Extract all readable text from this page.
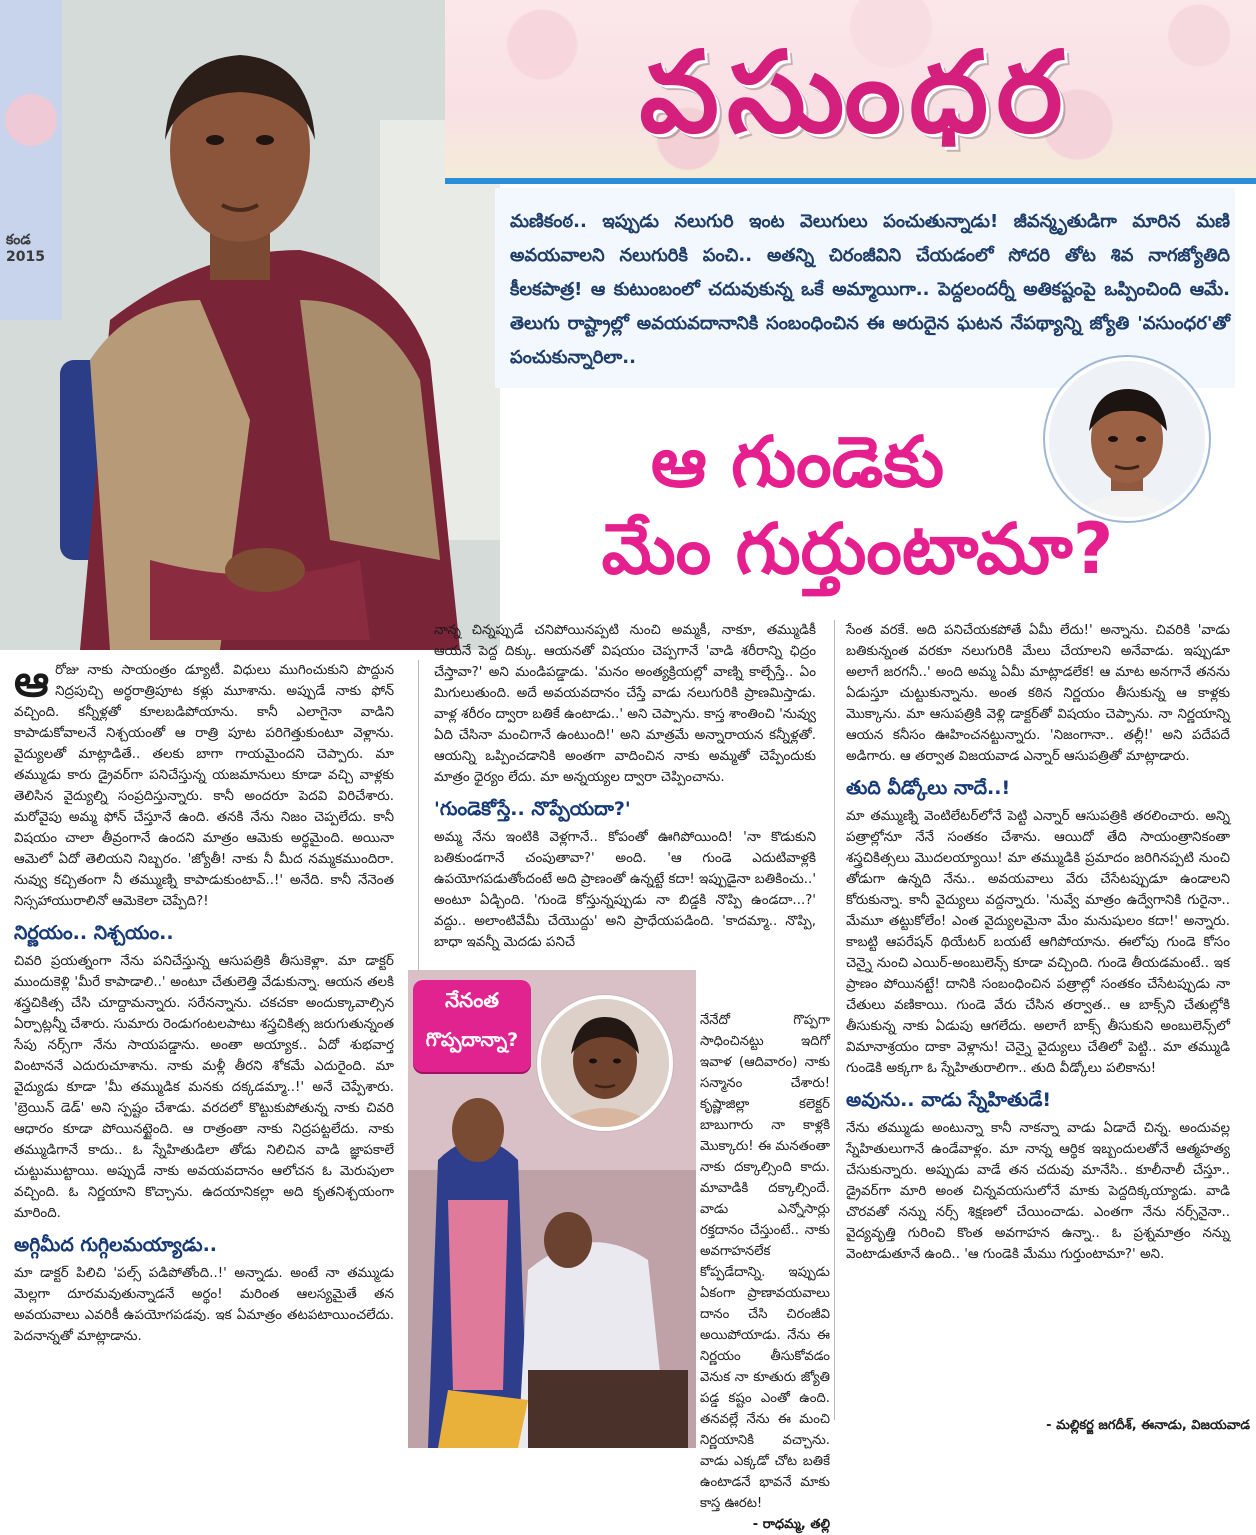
కండ
2015
వసుంధర
మణికంఠ.. ఇప్పుడు నలుగురి ఇంట వెలుగులు పంచుతున్నాడు! జీవన్మృతుడిగా మారిన మణి అవయవాలని నలుగురికి పంచి.. అతన్ని చిరంజీవిని చేయడంలో సోదరి తోట శివ నాగజ్యోతిది కీలకపాత్ర! ఆ కుటుంబంలో చదువుకున్న ఒకే అమ్మాయిగా.. పెద్దలందర్నీ అతికష్టంపై ఒప్పించింది ఆమే. తెలుగు రాష్ట్రాల్లో అవయవదానానికి సంబంధించిన ఈ అరుదైన ఘటన నేపథ్యాన్ని జ్యోతి 'వసుంధర'తో పంచుకున్నారిలా..
ఆ గుండెకు
మేం గుర్తుంటామా?

ఆరోజు నాకు సాయంత్రం డ్యూటీ. విధులు ముగించుకుని పొద్దున నిద్రపుచ్చి అర్థరాత్రిపూట కళ్లు మూశాను. అప్పుడే నాకు ఫోన్ వచ్చింది. కన్నీళ్లతో కూలబడిపోయాను. కానీ ఎలాగైనా వాడిని కాపాడుకోవాలనే నిశ్చయంతో ఆ రాత్రి పూట పరిగెత్తుకుంటూ వెళ్లాను. వైద్యులతో మాట్లాడితే.. తలకు బాగా గాయమైందని చెప్పారు. మా తమ్ముడు కారు డ్రైవర్‌గా పనిచేస్తున్న యజమానులు కూడా వచ్చి వాళ్లకు తెలిసిన వైద్యుల్ని సంప్రదిస్తున్నారు. కానీ అందరూ పెదవి విరిచేశారు. మరోవైపు అమ్మ ఫోన్ చేస్తూనే ఉంది. తనకి నేను నిజం చెప్పలేదు. కానీ విషయం చాలా తీవ్రంగానే ఉందని మాత్రం ఆమెకు అర్థమైంది. అయినా ఆమెలో ఏదో తెలియని నిబ్బరం. 'జ్యోతీ! నాకు నీ మీద నమ్మకముందిరా. నువ్వు కచ్చితంగా నీ తమ్ముణ్ని కాపాడుకుంటావ్..!' అనేది. కానీ నేనెంత నిస్సహాయురాలినో ఆమెకెలా చెప్పేది?!

నిర్ణయం.. నిశ్చయం..

చివరి ప్రయత్నంగా నేను పనిచేస్తున్న ఆసుపత్రికి తీసుకెళ్లా. మా డాక్టర్ ముందుకెళ్లి 'మీరే కాపాడాలి..' అంటూ చేతులెత్తి వేడుకున్నా. ఆయన తలకి శస్త్రచికిత్స చేసి చూద్దామన్నారు. సరేనన్నాను. చకచకా అందుక్కావాల్సిన ఏర్పాట్లన్నీ చేశారు. సుమారు రెండుగంటలపాటు శస్త్రచికిత్స జరుగుతున్నంత సేపు నర్స్‌గా నేను సాయపడ్డాను. అంతా అయ్యాక.. ఏదో శుభవార్త వింటాననే ఎదురుచూశాను. నాకు మళ్లీ తీరని శోకమే ఎదురైంది. మా వైద్యుడు కూడా 'మీ తమ్ముడిక మనకు దక్కడమ్మా..!' అనే చెప్పేశారు. 'బ్రెయిన్ డెడ్' అని స్పష్టం చేశాడు. వరదలో కొట్టుకుపోతున్న నాకు చివరి ఆధారం కూడా పోయినట్టైంది. ఆ రాత్రంతా నాకు నిద్రపట్టలేదు. నాకు తమ్ముడిగానే కాదు.. ఓ స్నేహితుడిలా తోడు నిలిచిన వాడి జ్ఞాపకాలే చుట్టుముట్టాయి. అప్పుడే నాకు అవయవదానం ఆలోచన ఓ మెరుపులా వచ్చింది. ఓ నిర్ణయాని కొచ్చాను. ఉదయానికల్లా అది కృతనిశ్చయంగా మారింది.

అగ్గిమీద గుగ్గిలమయ్యాడు..

మా డాక్టర్ పిలిచి 'పల్స్ పడిపోతోంది..!' అన్నాడు. అంటే నా తమ్ముడు మెల్లగా దూరమవుతున్నాడనే అర్థం! మరింత ఆలస్యమైతే తన అవయవాలు ఎవరికీ ఉపయోగపడవు. ఇక ఏమాత్రం తటపటాయించలేదు. పెదనాన్నతో మాట్లాడాను.

నాన్న చిన్నప్పుడే చనిపోయినప్పటి నుంచి అమ్మకీ, నాకూ, తమ్ముడికీ ఆయనే పెద్ద దిక్కు. ఆయనతో విషయం చెప్పగానే 'వాడి శరీరాన్ని ఛిద్రం చేస్తావా?' అని మండిపడ్డాడు. 'మనం అంత్యక్రియల్లో వాణ్ని కాల్చేస్తే.. ఏం మిగులుతుంది. అదే అవయవదానం చేస్తే వాడు నలుగురికి ప్రాణమిస్తాడు. వాళ్ల శరీరం ద్వారా బతికే ఉంటాడు..' అని చెప్పాను. కాస్త శాంతించి 'నువ్వు ఏది చేసినా మంచిగానే ఉంటుంది!' అని మాత్రమే అన్నారాయన కన్నీళ్లతో. ఆయన్ని ఒప్పించడానికి అంతగా వాదించిన నాకు అమ్మతో చెప్పేందుకు మాత్రం ధైర్యం లేదు. మా అన్నయ్యల ద్వారా చెప్పించాను.

'గుండెకోస్తే.. నొప్పేయదా?'

అమ్మ నేను ఇంటికి వెళ్లగానే.. కోపంతో ఊగిపోయింది! 'నా కొడుకుని బతికుండగానే చంపుతావా?' అంది. 'ఆ గుండె ఎదుటివాళ్లకి ఉపయోగపడుతోందంటే అది ప్రాణంతో ఉన్నట్టే కదా! ఇప్పుడైనా బతికించు..' అంటూ ఏడ్చింది. 'గుండె కోస్తున్నప్పుడు నా బిడ్డకి నొప్పి ఉండదా...?' వద్దు.. అలాంటివేమీ చేయొద్దు' అని ప్రాధేయపడింది. 'కాదమ్మా.. నొప్పి, బాధా ఇవన్నీ మెదడు పనిచే

నేనంత
గొప్పదాన్నా?

నేనేదో గొప్పగా సాధించినట్టు ఇదిగో ఇవాళ (ఆదివారం) నాకు సన్మానం చేశారు! కృష్ణాజిల్లా కలెక్టర్ బాబుగారు నా కాళ్లకి మొక్కారు! ఈ మనతంతా నాకు దక్కాల్సింది కాదు. మావాడికి దక్కాల్సిందే. వాడు ఎన్నోసార్లు రక్తదానం చేస్తుంటే.. నాకు అవగాహనలేక కోప్పడేదాన్ని. ఇప్పుడు ఏకంగా ప్రాణావయవాలు దానం చేసి చిరంజీవి అయిపోయాడు. నేను ఈ నిర్ణయం తీసుకోవడం వెనుక నా కూతురు జ్యోతి పడ్డ కష్టం ఎంతో ఉంది. తనవల్లే నేను ఈ మంచి నిర్ణయానికి వచ్చాను. వాడు ఎక్కడో చోట బతికే ఉంటాడనే భావనే మాకు కాస్త ఊరట!

- రాధమ్మ, తల్లి

సేంత వరకే. అది పనిచేయకపోతే ఏమీ లేదు!' అన్నాను. చివరికి 'వాడు బతికున్నంత వరకూ నలుగురికి మేలు చేయాలని అనేవాడు. ఇప్పుడూ అలాగే జరగనీ..' అంది అమ్మ ఏమీ మాట్లాడలేక! ఆ మాట అనగానే తనను ఏడుస్తూ చుట్టుకున్నాను. అంత కఠిన నిర్ణయం తీసుకున్న ఆ కాళ్లకు మొక్కాను. మా ఆసుపత్రికి వెళ్లి డాక్టర్‌తో విషయం చెప్పాను. నా నిర్ణయాన్ని ఆయన కనీసం ఊహించనట్టున్నారు. 'నిజంగానా.. తల్లీ!' అని పదేపదే అడిగారు. ఆ తర్వాత విజయవాడ ఎన్నార్ ఆసుపత్రితో మాట్లాడారు.

తుది వీడ్కోలు నాదే..!

మా తమ్ముణ్ని వెంటిలేటర్‌లోనే పెట్టి ఎన్నార్ ఆసుపత్రికి తరలించారు. అన్ని పత్రాల్లోనూ నేనే సంతకం చేశాను. ఆయిదో తేది సాయంత్రానికంతా శస్త్రచికిత్సలు మొదలయ్యాయి! మా తమ్ముడికి ప్రమాదం జరిగినప్పటి నుంచి తోడుగా ఉన్నది నేను.. అవయవాలు వేరు చేసేటప్పుడూ ఉండాలని కోరుకున్నా. కానీ వైద్యులు వద్దన్నారు. 'నువ్వే మాత్రం ఉద్వేగానికి గురైనా.. మేమూ తట్టుకోలేం! ఎంత వైద్యులమైనా మేం మనుషులం కదా!' అన్నారు. కాబట్టి ఆపరేషన్ థియేటర్ బయటే ఆగిపోయాను. ఈలోపు గుండె కోసం చెన్నై నుంచి ఎయిర్-అంబులెన్స్ కూడా వచ్చింది. గుండె తీయడమంటే.. ఇక ప్రాణం పోయినట్టే! దానికి సంబంధించిన పత్రాల్లో సంతకం చేసేటప్పుడు నా చేతులు వణికాయి. గుండె వేరు చేసిన తర్వాత.. ఆ బాక్స్‌ని చేతుల్లోకి తీసుకున్న నాకు ఏడుపు ఆగలేదు. అలాగే బాక్స్ తీసుకుని అంబులెన్స్‌లో విమానాశ్రయం దాకా వెళ్లాను! చెన్నై వైద్యులు చేతిలో పెట్టి.. మా తమ్ముడి గుండెకి అక్కగా ఓ స్నేహితురాలిగా.. తుది వీడ్కోలు పలికాను!

అవును.. వాడు స్నేహితుడే!

నేను తమ్ముడు అంటున్నా కానీ నాకన్నా వాడు ఏడాదే చిన్న. అందువల్ల స్నేహితులుగానే ఉండేవాళ్లం. మా నాన్న ఆర్థిక ఇబ్బందులతోనే ఆత్మహత్య చేసుకున్నారు. అప్పుడు వాడే తన చదువు మానేసి.. కూలీనాలీ చేస్తూ.. డ్రైవర్‌గా మారి అంత చిన్నవయసులోనే మాకు పెద్దదిక్కయ్యాడు. వాడి చొరవతో నన్ను నర్స్ శిక్షణలో చేయించాడు. ఎంతగా నేను నర్స్‌నైనా.. వైద్యవృత్తి గురించి కొంత అవగాహన ఉన్నా.. ఓ ప్రశ్నమాత్రం నన్ను వెంటాడుతూనే ఉంది.. 'ఆ గుండెకి మేము గుర్తుంటామా?' అని.

- మల్లికర్జ జగదీశ్, ఈనాడు, విజయవాడ
